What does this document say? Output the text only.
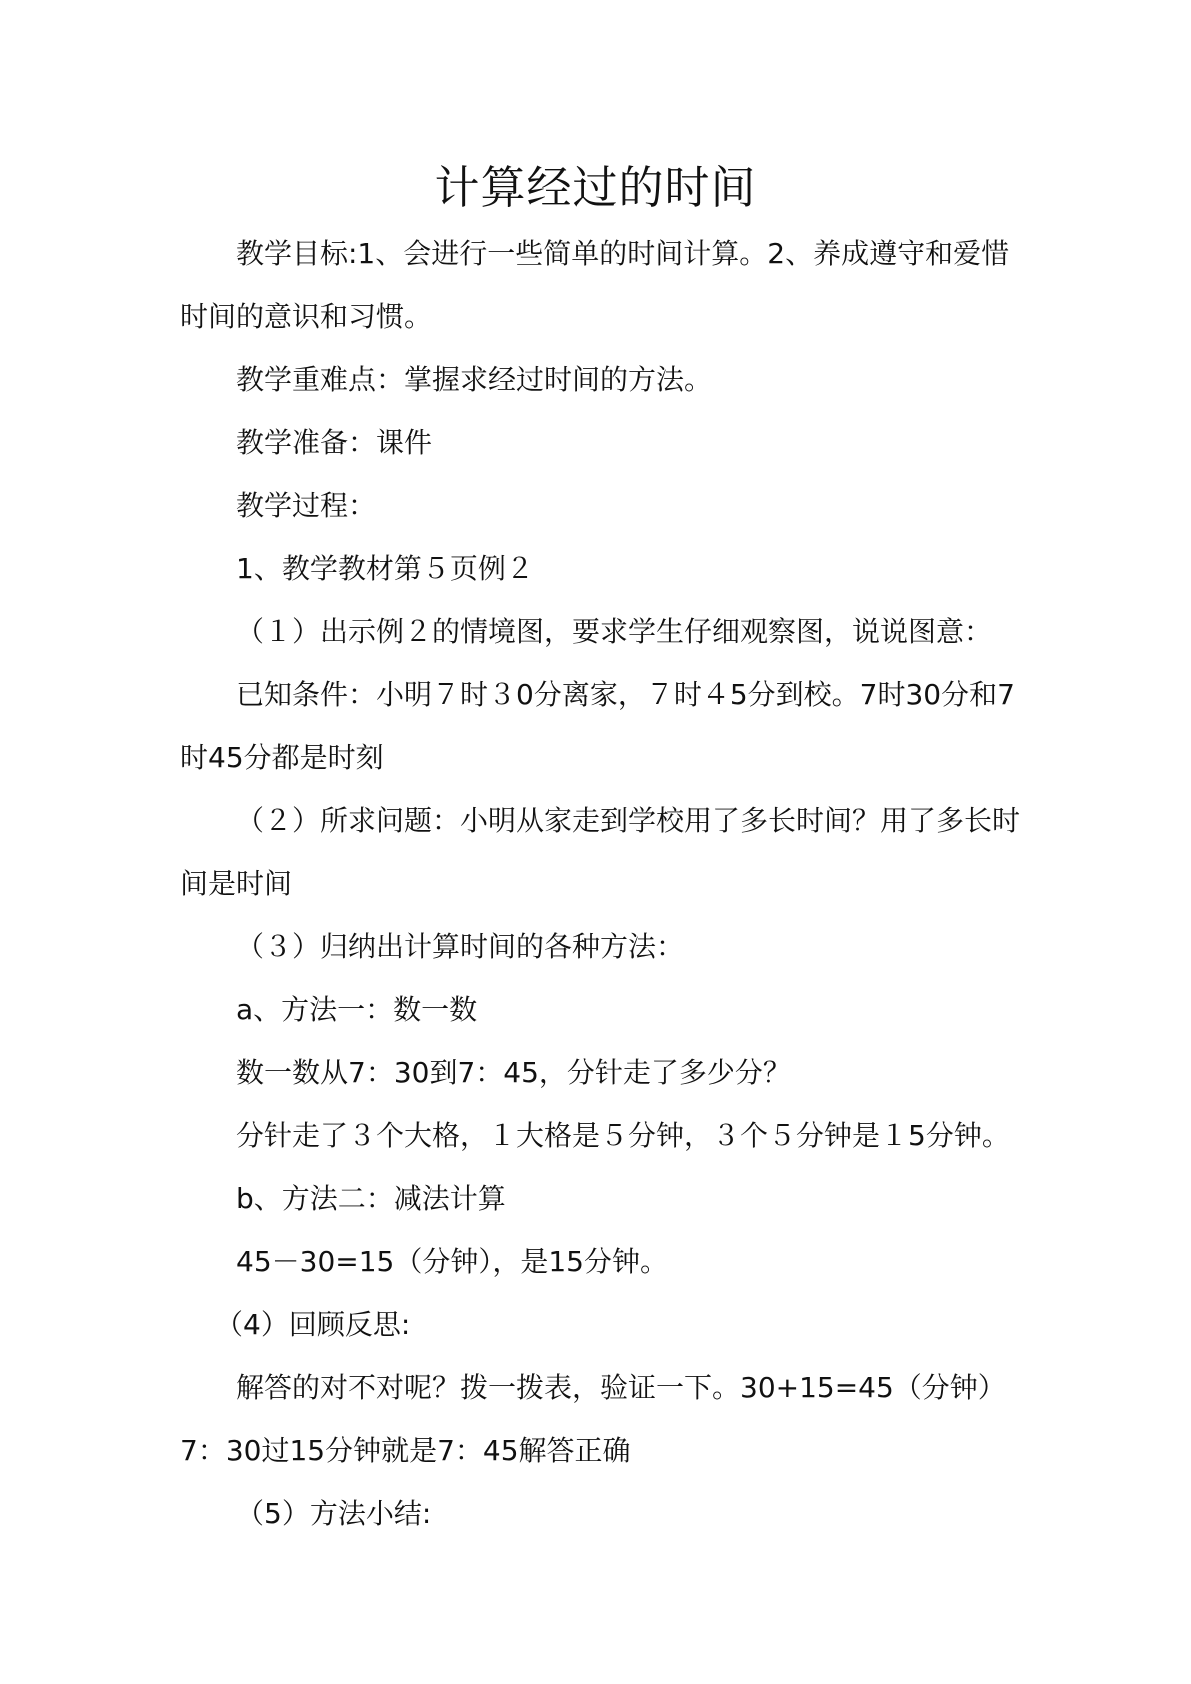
计算经过的时间

教学目标:1、会进行一些简单的时间计算。2、养成遵守和爱惜时间的意识和习惯。

教学重难点：掌握求经过时间的方法。

教学准备：课件

教学过程：

1、教学教材第５页例２

（１）出示例２的情境图，要求学生仔细观察图，说说图意：

已知条件：小明７时３0分离家，７时４5分到校。7时30分和7时45分都是时刻

（２）所求问题：小明从家走到学校用了多长时间？用了多长时间是时间

（３）归纳出计算时间的各种方法：

a、方法一：数一数

数一数从7：30到7：45，分针走了多少分？

分针走了３个大格，１大格是５分钟，３个５分钟是１5分钟。

b、方法二：减法计算

45－30=15（分钟），是15分钟。

（4）回顾反思:

解答的对不对呢？拨一拨表，验证一下。30+15=45（分钟）7：30过15分钟就是7：45解答正确

（5）方法小结:
